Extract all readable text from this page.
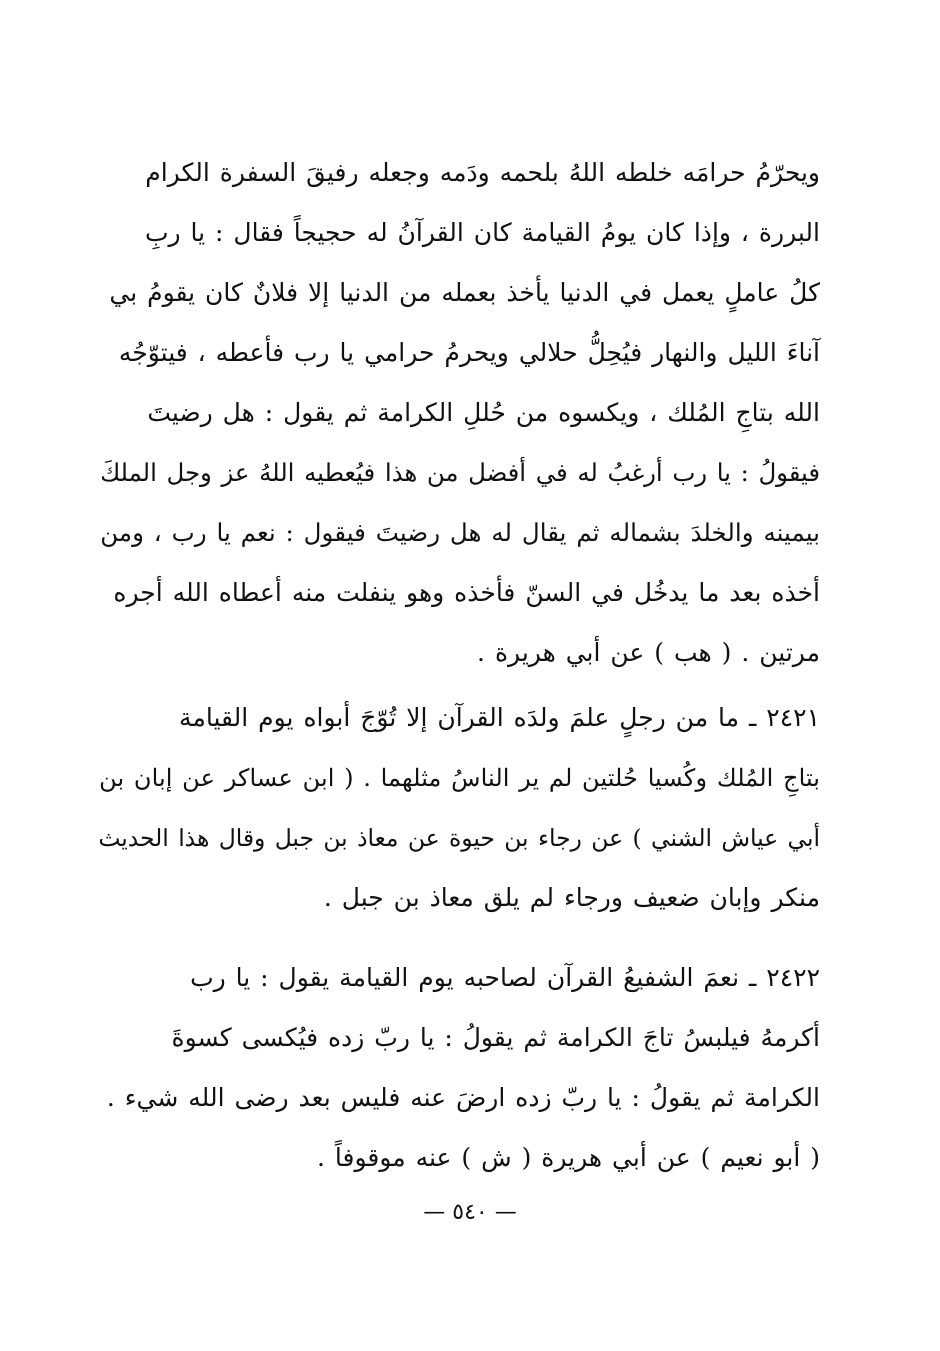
ويحرّمُ حرامَه خلطه اللهُ بلحمه ودَمه وجعله رفيقَ السفرة الكرام
البررة ، وإذا كان يومُ القيامة كان القرآنُ له حجيجاً فقال : يا ربِ
كلُ عاملٍ يعمل في الدنيا يأخذ بعمله من الدنيا إلا فلانٌ كان يقومُ بي
آناءَ الليل والنهار فيُحِلُّ حلالي ويحرمُ حرامي يا رب فأعطه ، فيتوّجُه
الله بتاجِ المُلك ، ويكسوه من حُللِ الكرامة ثم يقول : هل رضيتَ
فيقولُ : يا رب أرغبُ له في أفضل من هذا فيُعطيه اللهُ عز وجل الملكَ
بيمينه والخلدَ بشماله ثم يقال له هل رضيتَ فيقول : نعم يا رب ، ومن
أخذه بعد ما يدخُل في السنّ فأخذه وهو ينفلت منه أعطاه الله أجره
مرتين . ( هب ) عن أبي هريرة .
٢٤٢١ ـ ما من رجلٍ علمَ ولدَه القرآن إلا تُوّجَ أبواه يوم القيامة
بتاجِ المُلك وكُسيا حُلتين لم ير الناسُ مثلهما . ( ابن عساكر عن إبان بن
أبي عياش الشني ) عن رجاء بن حيوة عن معاذ بن جبل وقال هذا الحديث
منكر وإبان ضعيف ورجاء لم يلق معاذ بن جبل .
٢٤٢٢ ـ نعمَ الشفيعُ القرآن لصاحبه يوم القيامة يقول : يا رب
أكرمهُ فيلبسُ تاجَ الكرامة ثم يقولُ : يا ربّ زده فيُكسى كسوةَ
الكرامة ثم يقولُ : يا ربّ زده ارضَ عنه فليس بعد رضى الله شيء .
( أبو نعيم ) عن أبي هريرة ( ش ) عنه موقوفاً .
— ٥٤٠ —
